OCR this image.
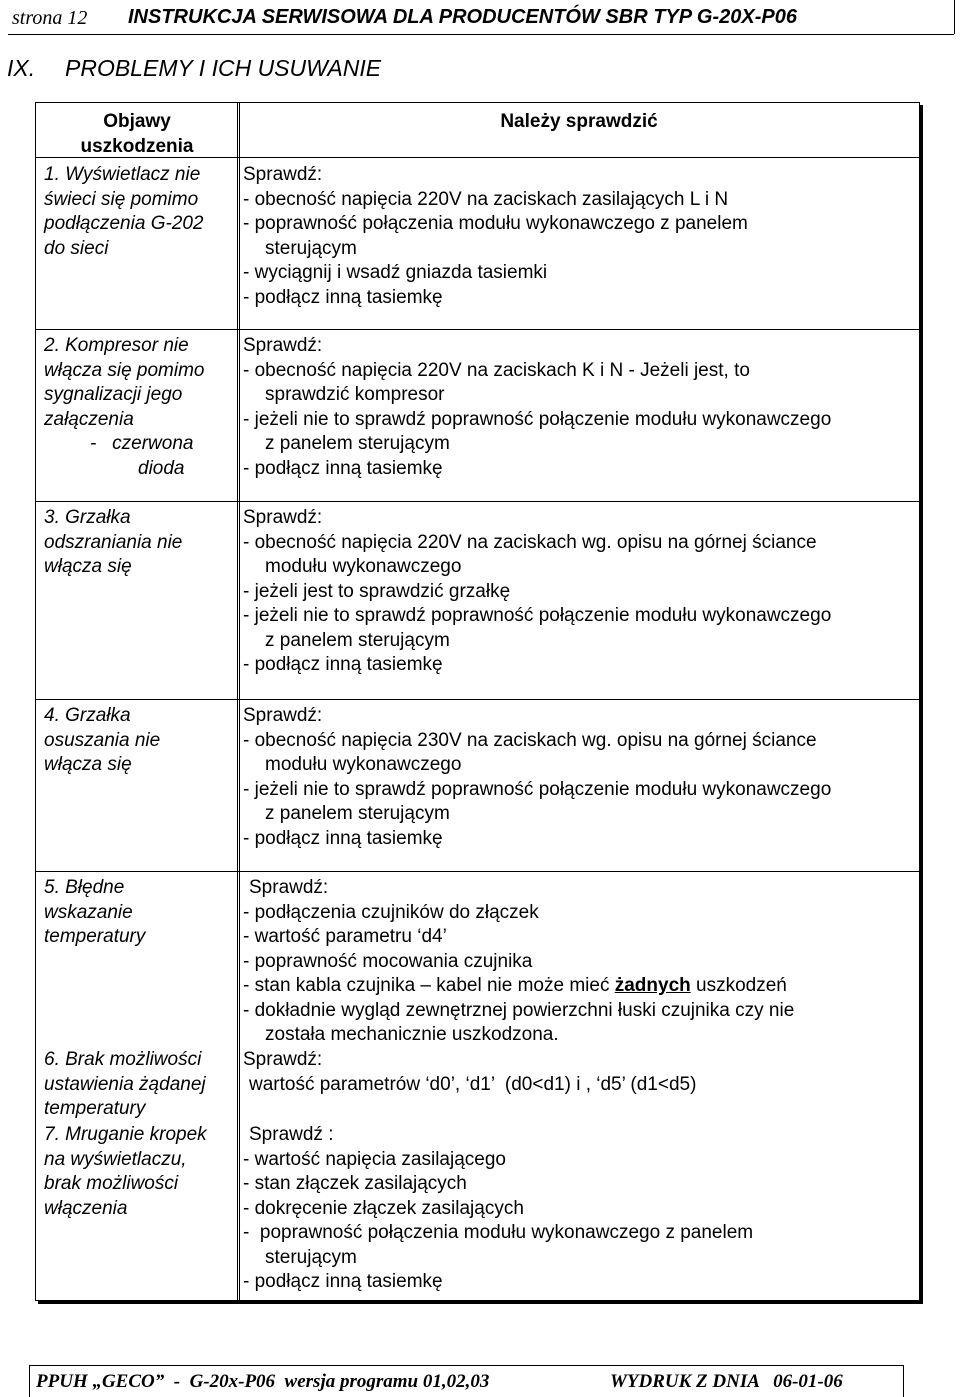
strona 12 INSTRUKCJA SERWISOWA DLA PRODUCENTÓW SBR TYP G-20X-P06
IX. PROBLEMY I ICH USUWANIE
Objawy
uszkodzenia
Należy sprawdzić
1. Wyświetlacz nie
świeci się pomimo
podłączenia G-202
do sieci
Sprawdź:
- obecność napięcia 220V na zaciskach zasilających L i N
- poprawność połączenia modułu wykonawczego z panelem
sterującym
- wyciągnij i wsadź gniazda tasiemki
- podłącz inną tasiemkę
2. Kompresor nie
włącza się pomimo
sygnalizacji jego
załączenia
-   czerwona
dioda
Sprawdź:
- obecność napięcia 220V na zaciskach K i N - Jeżeli jest, to
sprawdzić kompresor
- jeżeli nie to sprawdź poprawność połączenie modułu wykonawczego
z panelem sterującym
- podłącz inną tasiemkę
3. Grzałka
odszraniania nie
włącza się
Sprawdź:
- obecność napięcia 220V na zaciskach wg. opisu na górnej ściance
modułu wykonawczego
- jeżeli jest to sprawdzić grzałkę
- jeżeli nie to sprawdź poprawność połączenie modułu wykonawczego
z panelem sterującym
- podłącz inną tasiemkę
4. Grzałka
osuszania nie
włącza się
Sprawdź:
- obecność napięcia 230V na zaciskach wg. opisu na górnej ściance
modułu wykonawczego
- jeżeli nie to sprawdź poprawność połączenie modułu wykonawczego
z panelem sterującym
- podłącz inną tasiemkę
5. Błędne
wskazanie
temperatury
Sprawdź:
- podłączenia czujników do złączek
- wartość parametru ‘d4’
- poprawność mocowania czujnika
- stan kabla czujnika – kabel nie może mieć żadnych uszkodzeń
- dokładnie wygląd zewnętrznej powierzchni łuski czujnika czy nie
została mechanicznie uszkodzona.
6. Brak możliwości
ustawienia żądanej
temperatury
Sprawdź:
wartość parametrów ‘d0’, ‘d1’  (d0<d1) i , ‘d5’ (d1<d5)
7. Mruganie kropek
na wyświetlaczu,
brak możliwości
włączenia
Sprawdź :
- wartość napięcia zasilającego
- stan złączek zasilających
- dokręcenie złączek zasilających
-  poprawność połączenia modułu wykonawczego z panelem
sterującym
- podłącz inną tasiemkę
PPUH „GECO”  -  G-20x-P06  wersja programu 01,02,03	WYDRUK Z DNIA   06-01-06
